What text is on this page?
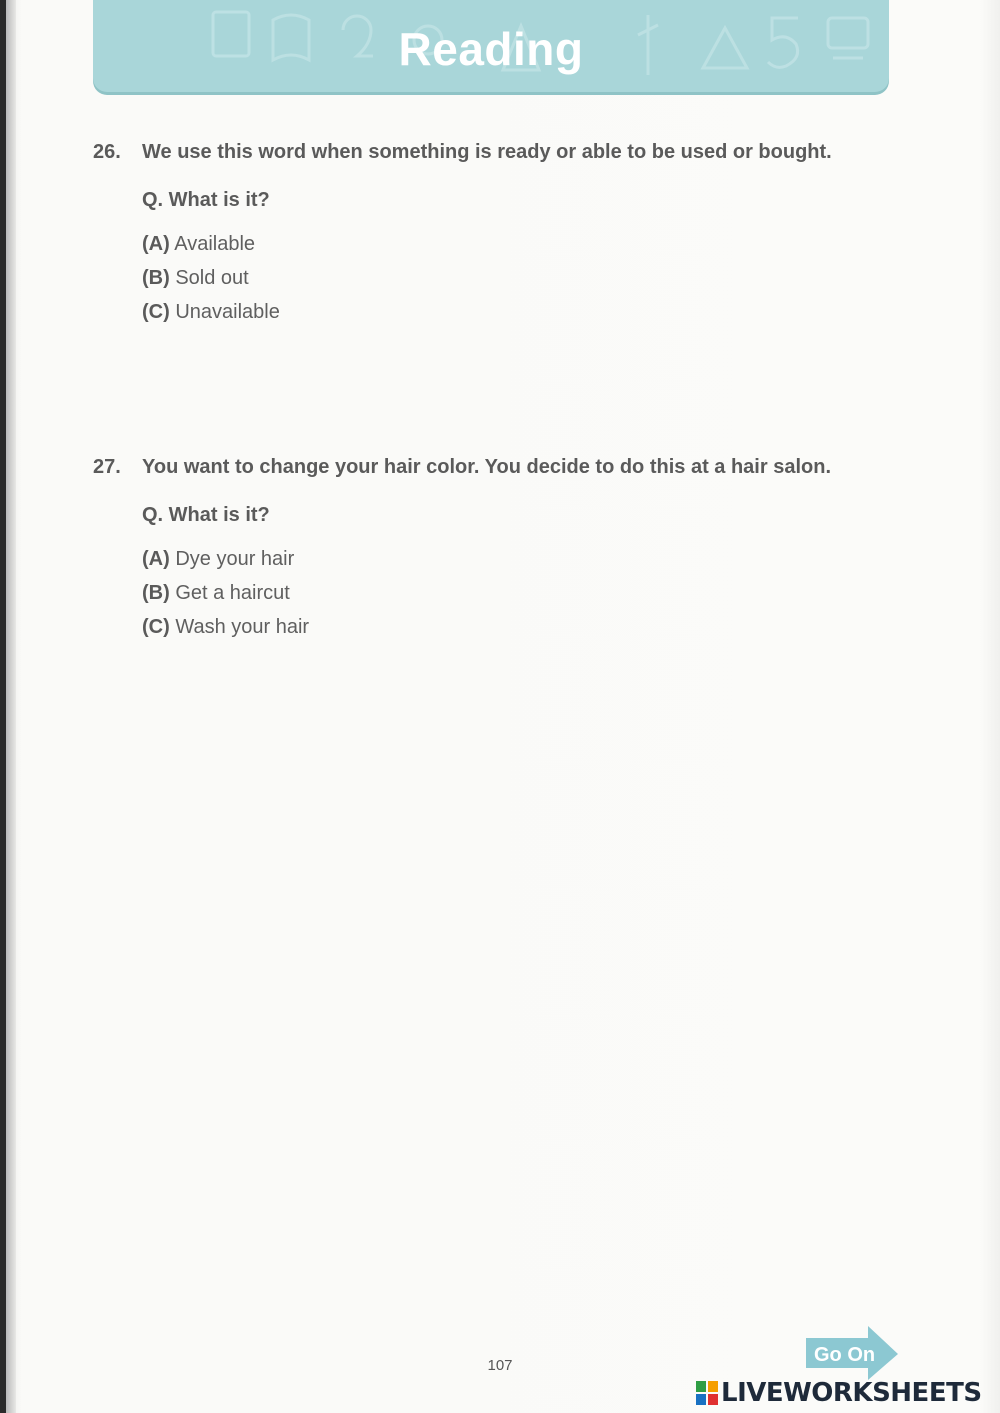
Reading
26. We use this word when something is ready or able to be used or bought.
Q. What is it?
(A) Available
(B) Sold out
(C) Unavailable
27. You want to change your hair color. You decide to do this at a hair salon.
Q. What is it?
(A) Dye your hair
(B) Get a haircut
(C) Wash your hair
107	Go On
LIVEWORKSHEETS
